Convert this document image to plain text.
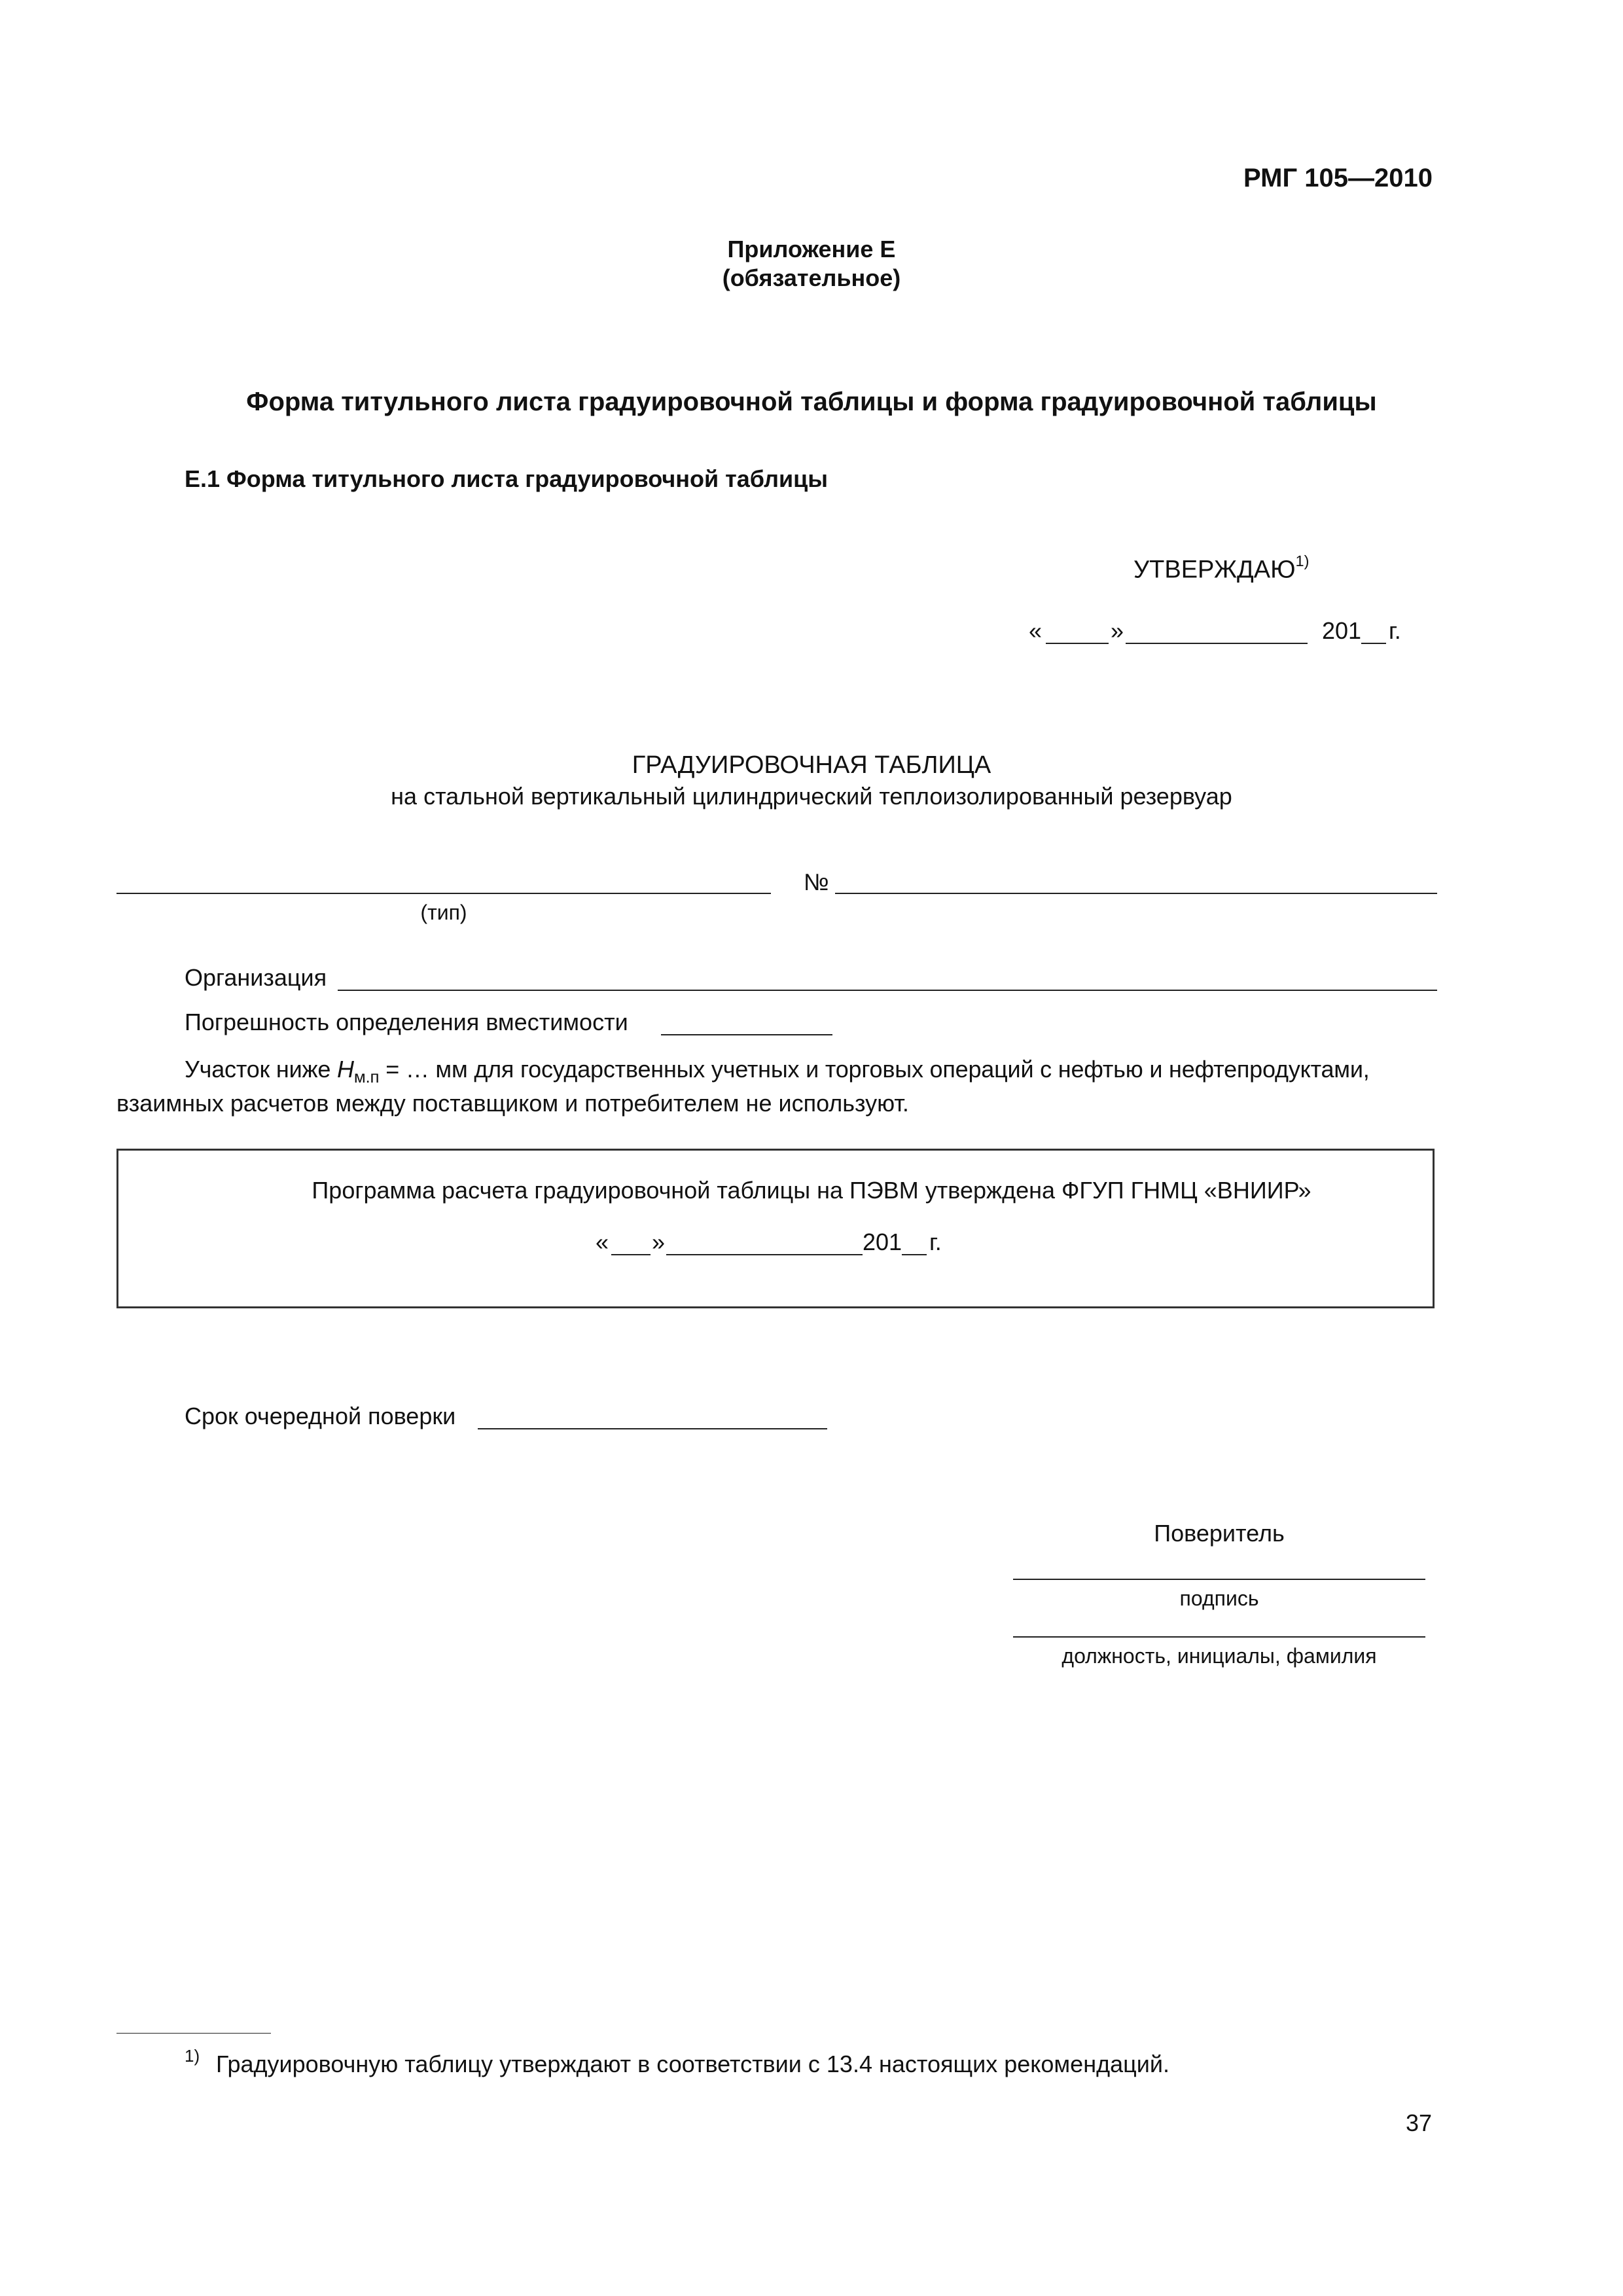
РМГ 105—2010
Приложение Е
(обязательное)
Форма титульного листа градуировочной таблицы и форма градуировочной таблицы
Е.1 Форма титульного листа градуировочной таблицы
УТВЕРЖДАЮ$^{1)}$
«	»	201 г.
ГРАДУИРОВОЧНАЯ ТАБЛИЦА
на стальной вертикальный цилиндрический теплоизолированный резервуар
(тип)
№
Организация
Погрешность определения вместимости
Участок ниже $Н_{м.п}$ = … мм для государственных учетных и торговых операций с нефтью и нефтепродуктами,
взаимных расчетов между поставщиком и потребителем не используют.
Программа расчета градуировочной таблицы на ПЭВМ утверждена ФГУП ГНМЦ «ВНИИР»
« »	201 г.
Срок очередной поверки
Поверитель
подпись
должность, инициалы, фамилия
1) Градуировочную таблицу утверждают в соответствии с 13.4 настоящих рекомендаций.
37
